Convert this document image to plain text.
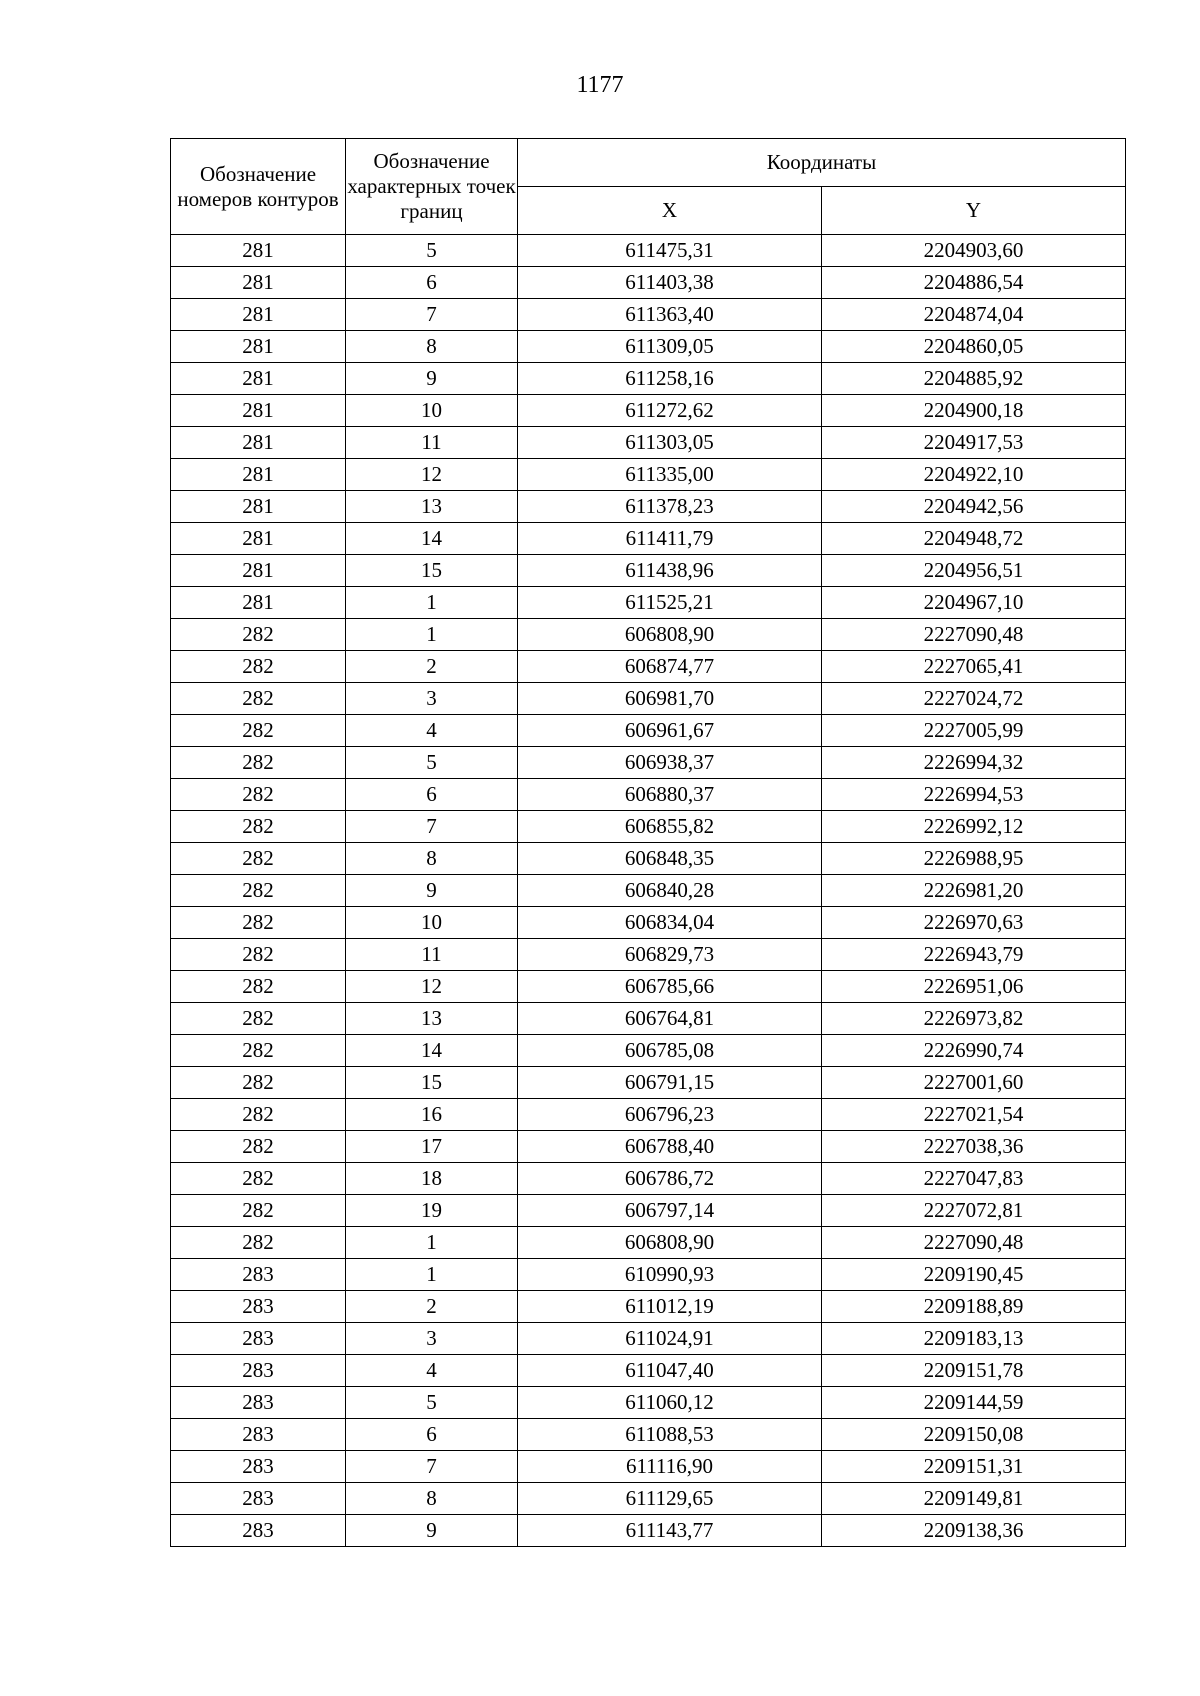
1177
Обозначение номеров контуров	Обозначение характерных точек границ	Координаты	
		X	Y
281	5	611475,31	2204903,60
281	6	611403,38	2204886,54
281	7	611363,40	2204874,04
281	8	611309,05	2204860,05
281	9	611258,16	2204885,92
281	10	611272,62	2204900,18
281	11	611303,05	2204917,53
281	12	611335,00	2204922,10
281	13	611378,23	2204942,56
281	14	611411,79	2204948,72
281	15	611438,96	2204956,51
281	1	611525,21	2204967,10
282	1	606808,90	2227090,48
282	2	606874,77	2227065,41
282	3	606981,70	2227024,72
282	4	606961,67	2227005,99
282	5	606938,37	2226994,32
282	6	606880,37	2226994,53
282	7	606855,82	2226992,12
282	8	606848,35	2226988,95
282	9	606840,28	2226981,20
282	10	606834,04	2226970,63
282	11	606829,73	2226943,79
282	12	606785,66	2226951,06
282	13	606764,81	2226973,82
282	14	606785,08	2226990,74
282	15	606791,15	2227001,60
282	16	606796,23	2227021,54
282	17	606788,40	2227038,36
282	18	606786,72	2227047,83
282	19	606797,14	2227072,81
282	1	606808,90	2227090,48
283	1	610990,93	2209190,45
283	2	611012,19	2209188,89
283	3	611024,91	2209183,13
283	4	611047,40	2209151,78
283	5	611060,12	2209144,59
283	6	611088,53	2209150,08
283	7	611116,90	2209151,31
283	8	611129,65	2209149,81
283	9	611143,77	2209138,36
